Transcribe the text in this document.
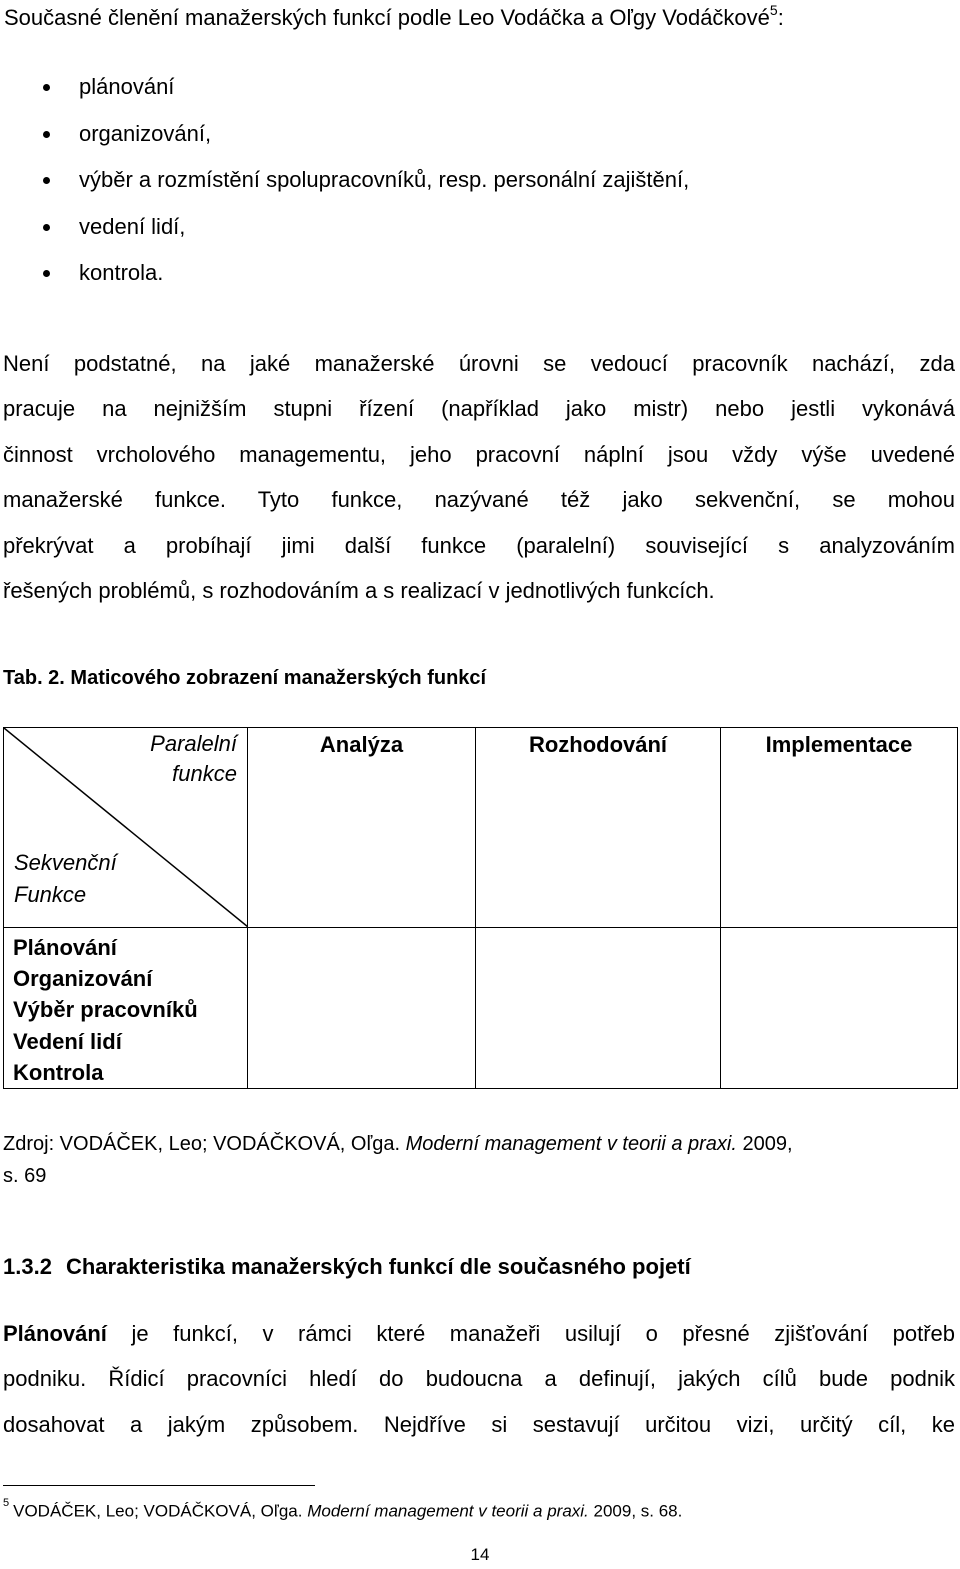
Současné členění manažerských funkcí podle Leo Vodáčka a Oľgy Vodáčkové$^5$:
plánování
organizování,
výběr a rozmístění spolupracovníků, resp. personální zajištění,
vedení lidí,
kontrola.
Není podstatné, na jaké manažerské úrovni se vedoucí pracovník nachází, zda
pracuje na nejnižším stupni řízení (například jako mistr) nebo jestli vykonává
činnost vrcholového managementu, jeho pracovní náplní jsou vždy výše uvedené
manažerské funkce. Tyto funkce, nazývané též jako sekvenční, se mohou
překrývat a probíhají jimi další funkce (paralelní) související s analyzováním
řešených problémů, s rozhodováním a s realizací v jednotlivých funkcích.
Tab. 2. Maticového zobrazení manažerských funkcí
Paralelní
funkce
Sekvenční
Funkce	Analýza	Rozhodování	Implementace

Plánování
Organizování
Výběr pracovníků
Vedení lidí
Kontrola			

Zdroj: VODÁČEK, Leo; VODÁČKOVÁ, Oľga. Moderní management v teorii a praxi. 2009,
s. 69
1.3.2 Charakteristika manažerských funkcí dle současného pojetí
Plánování je funkcí, v rámci které manažeři usilují o přesné zjišťování potřeb
podniku. Řídicí pracovníci hledí do budoucna a definují, jakých cílů bude podnik
dosahovat a jakým způsobem. Nejdříve si sestavují určitou vizi, určitý cíl, ke
$^5$ VODÁČEK, Leo; VODÁČKOVÁ, Oľga. Moderní management v teorii a praxi. 2009, s. 68.
14
